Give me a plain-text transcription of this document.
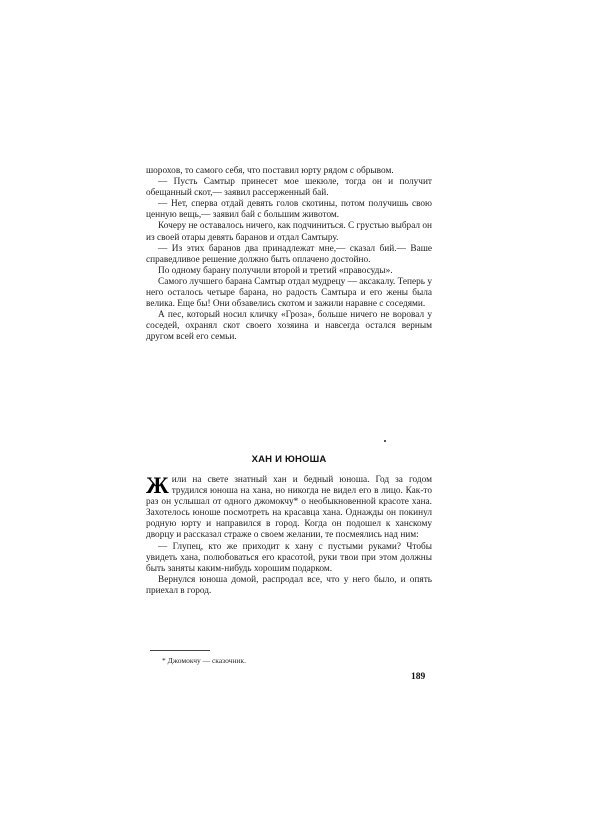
шорохов, то самого себя, что поставил юрту рядом с обрывом.

— Пусть Самтыр принесет мое шекюле, тогда он и получит обещанный скот,— заявил рассерженный бай.

— Нет, сперва отдай девять голов скотины, потом получишь свою ценную вещь,— заявил бай с большим животом.

Кочеру не оставалось ничего, как подчиниться. С грустью выбрал он из своей отары девять баранов и отдал Самтыру.

— Из этих баранов два принадлежат мне,— сказал бий.— Ваше справедливое решение должно быть оплачено достойно.

По одному барану получили второй и третий «правосуды».

Самого лучшего барана Самтыр отдал мудрецу — аксакалу. Теперь у него осталось четыре барана, но радость Самтыра и его жены была велика. Еще бы! Они обзавелись скотом и зажили наравне с соседями.

А пес, который носил кличку «Гроза», больше ничего не воровал у соседей, охранял скот своего хозяина и навсегда остался верным другом всей его семьи.

ХАН И ЮНОША

Жили на свете знатный хан и бедный юноша. Год за годом трудился юноша на хана, но никогда не видел его в лицо. Как-то раз он услышал от одного джомокчу* о необыкновенной красоте хана. Захотелось юноше посмотреть на красавца хана. Однажды он покинул родную юрту и направился в город. Когда он подошел к ханскому дворцу и рассказал страже о своем желании, те посмеялись над ним:

— Глупец, кто же приходит к хану с пустыми руками? Чтобы увидеть хана, полюбоваться его красотой, руки твои при этом должны быть заняты каким-нибудь хорошим подарком.

Вернулся юноша домой, распродал все, что у него было, и опять приехал в город.

* Джомокчу — сказочник.
189
